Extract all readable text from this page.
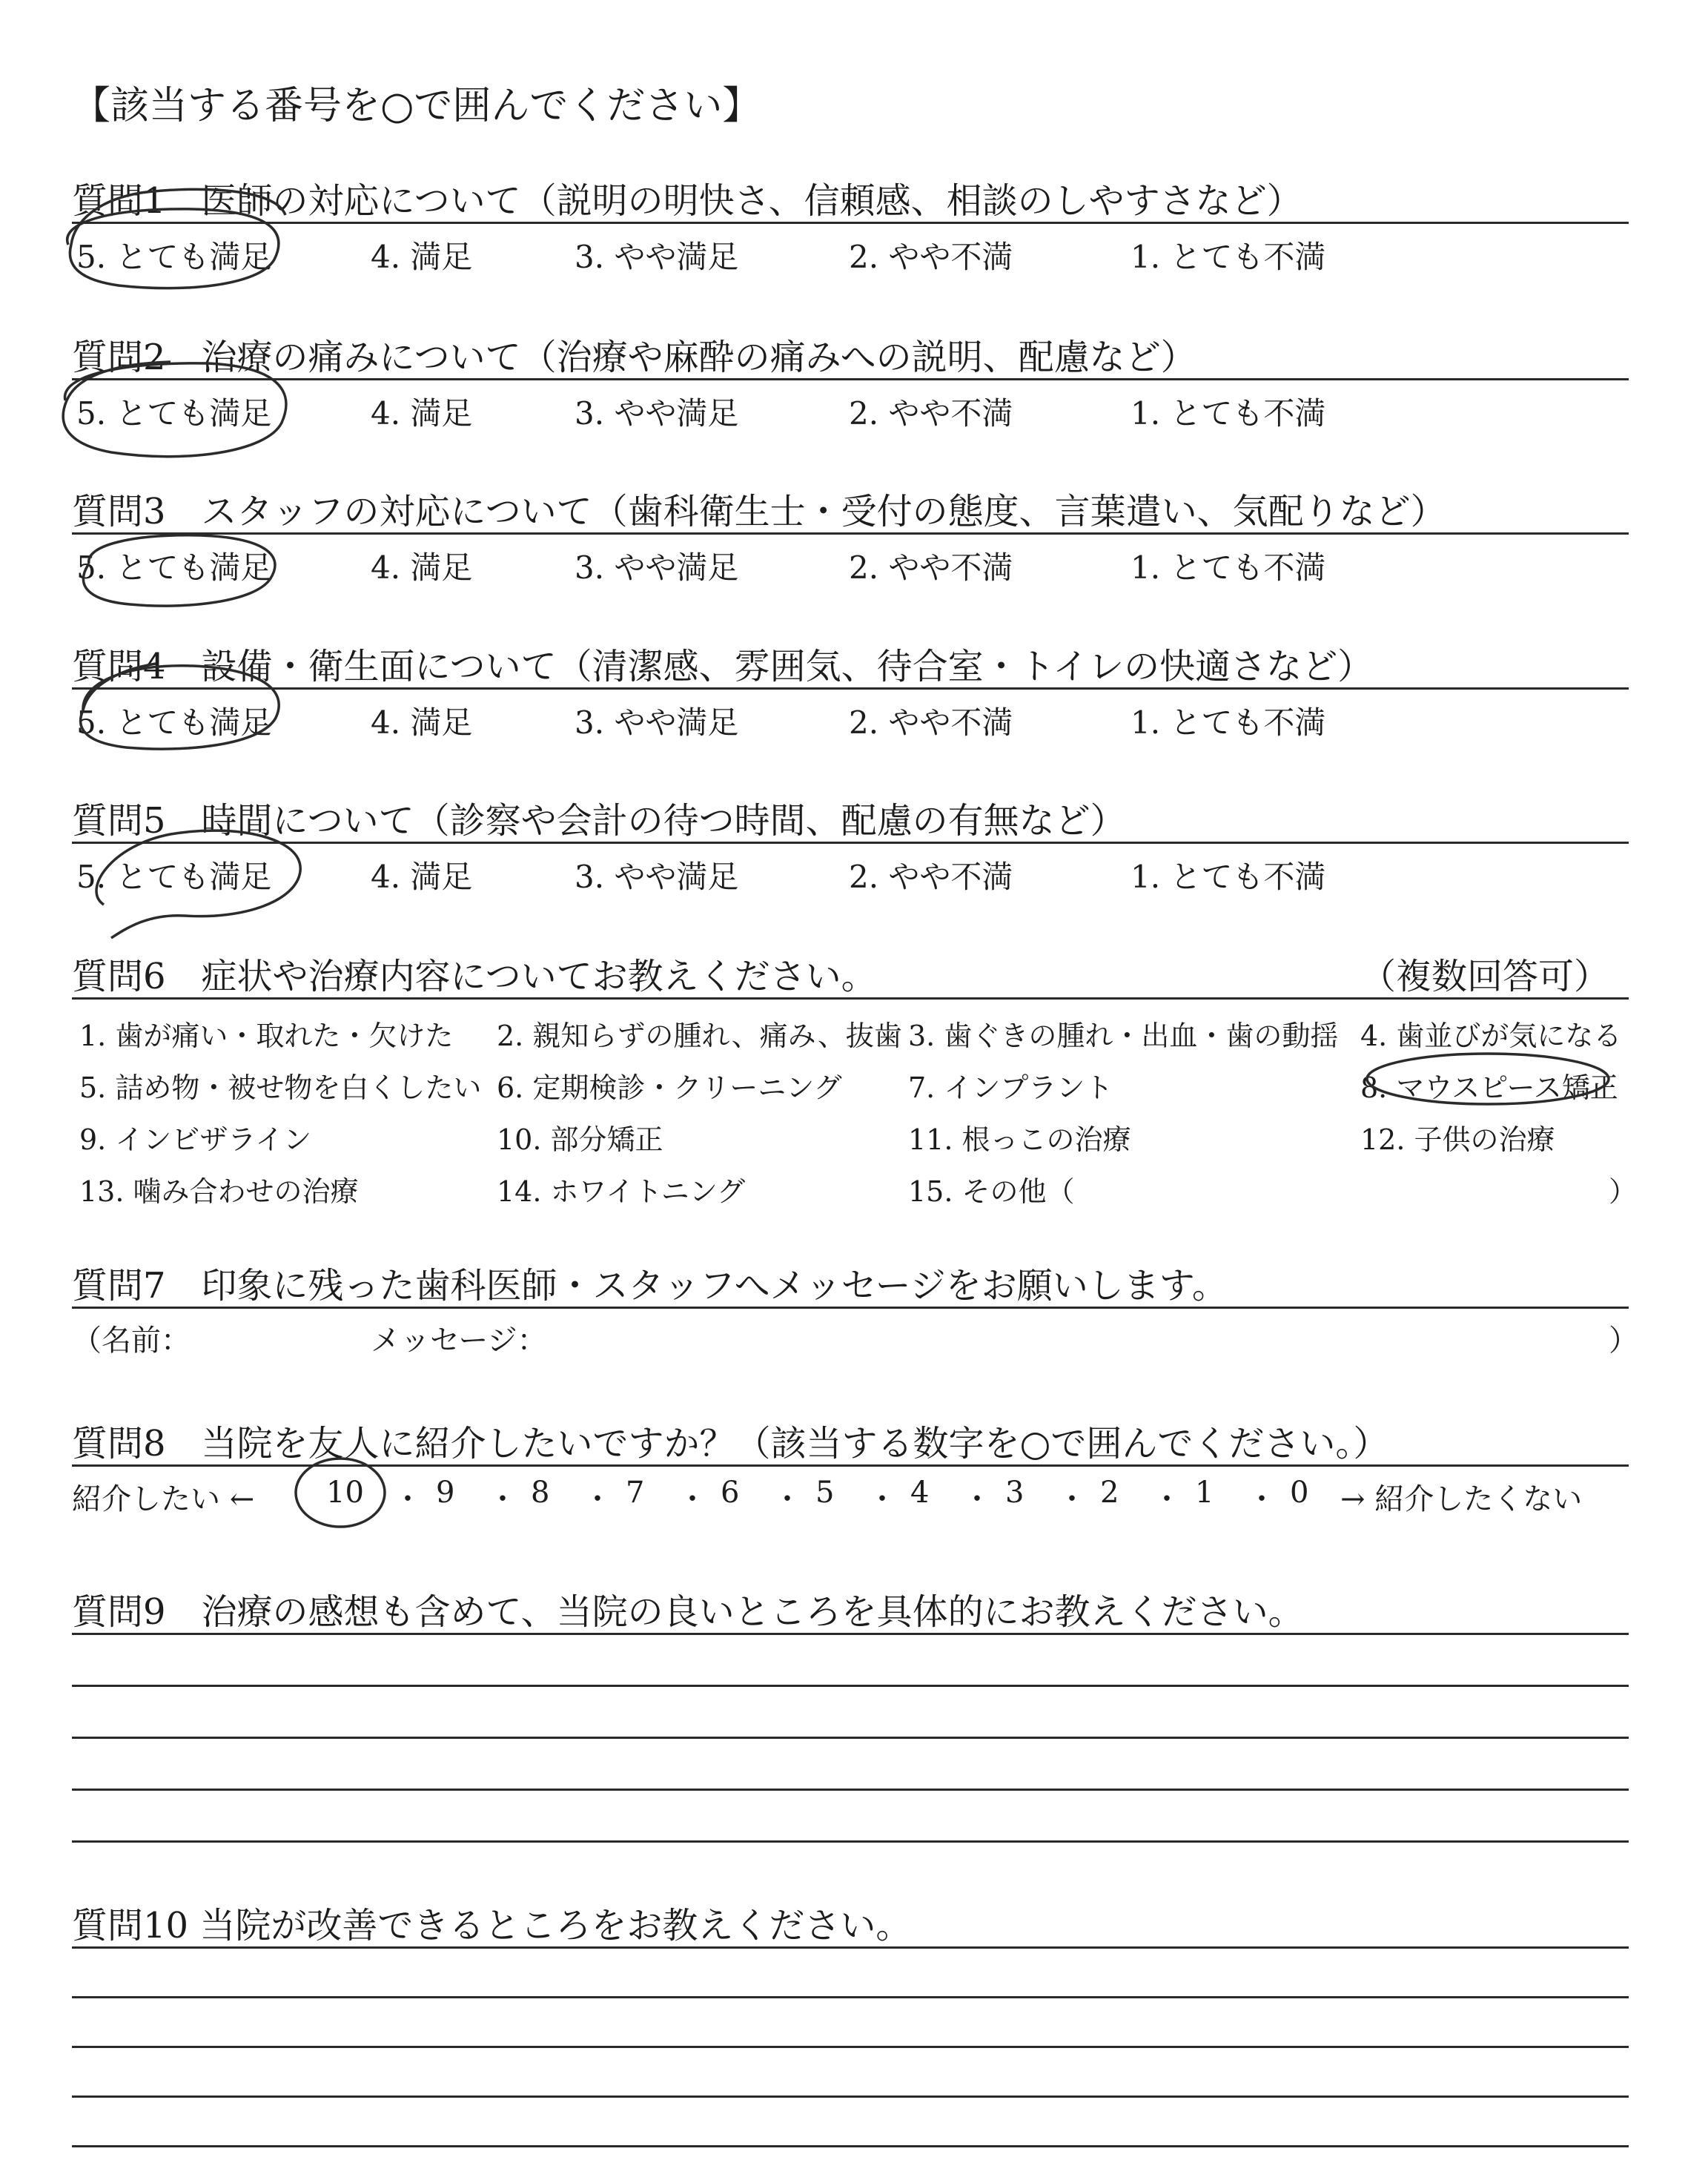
【該当する番号を○で囲んでください】
質問1　医師の対応について（説明の明快さ、信頼感、相談のしやすさなど）
5. とても満足	4. 満足	3. やや満足	2. やや不満	1. とても不満
質問2　治療の痛みについて（治療や麻酔の痛みへの説明、配慮など）
5. とても満足	4. 満足	3. やや満足	2. やや不満	1. とても不満
質問3　スタッフの対応について（歯科衛生士・受付の態度、言葉遣い、気配りなど）
5. とても満足	4. 満足	3. やや満足	2. やや不満	1. とても不満
質問4　設備・衛生面について（清潔感、雰囲気、待合室・トイレの快適さなど）
5. とても満足	4. 満足	3. やや満足	2. やや不満	1. とても不満
質問5　時間について（診察や会計の待つ時間、配慮の有無など）
5. とても満足	4. 満足	3. やや満足	2. やや不満	1. とても不満
質問6　症状や治療内容についてお教えください。	（複数回答可）
1. 歯が痛い・取れた・欠けた 2. 親知らずの腫れ、痛み、抜歯 3. 歯ぐきの腫れ・出血・歯の動揺 4. 歯並びが気になる
5. 詰め物・被せ物を白くしたい 6. 定期検診・クリーニング 7. インプラント	8. マウスピース矯正
9. インビザライン	10. 部分矯正	11. 根っこの治療	12. 子供の治療
13. 噛み合わせの治療	14. ホワイトニング	15. その他（	）
質問7　印象に残った歯科医師・スタッフへメッセージをお願いします。
（名前：	メッセージ：	）
質問8　当院を友人に紹介したいですか？（該当する数字を○で囲んでください。）
紹介したい ←	→ 紹介したくない
10 ・ 9 ・ 8 ・ 7 ・ 6 ・ 5 ・ 4 ・ 3 ・ 2 ・ 1 ・ 0
質問9　治療の感想も含めて、当院の良いところを具体的にお教えください。
質問10 当院が改善できるところをお教えください。
